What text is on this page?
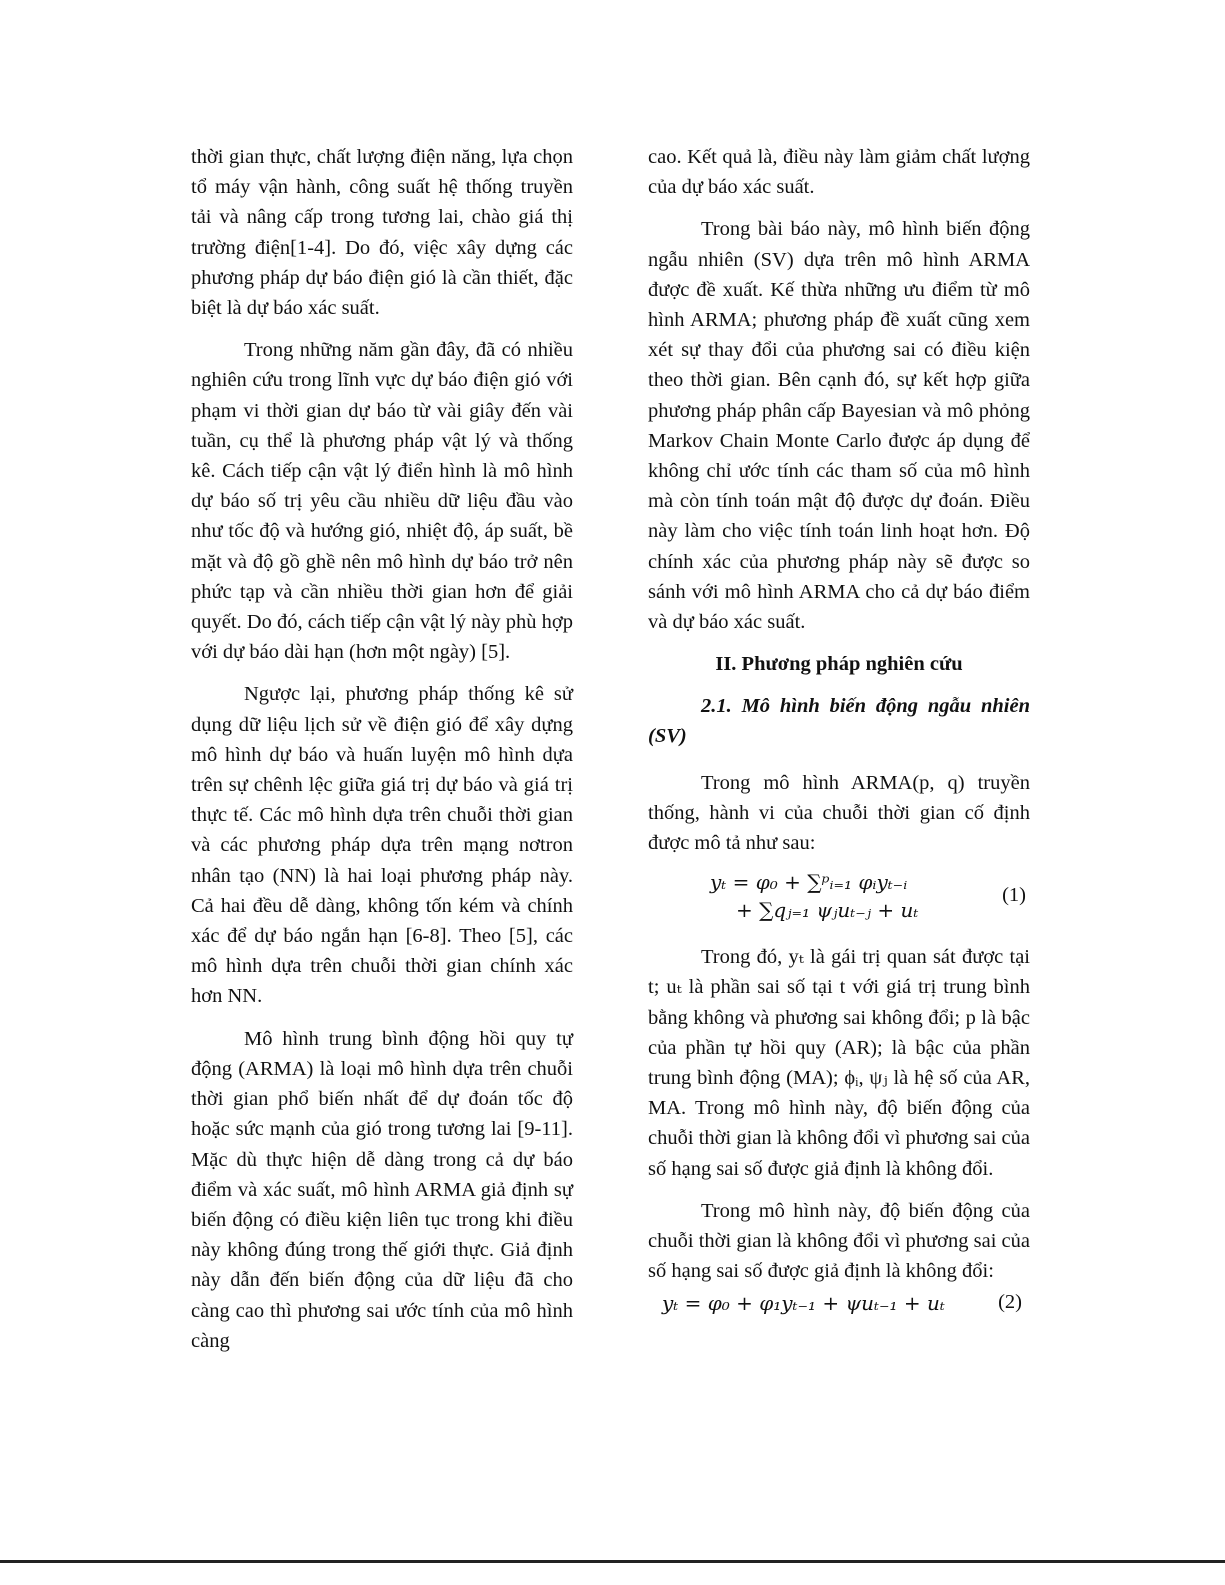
thời gian thực, chất lượng điện năng, lựa chọn tổ máy vận hành, công suất hệ thống truyền tải và nâng cấp trong tương lai, chào giá thị trường điện[1-4]. Do đó, việc xây dựng các phương pháp dự báo điện gió là cần thiết, đặc biệt là dự báo xác suất.

Trong những năm gần đây, đã có nhiều nghiên cứu trong lĩnh vực dự báo điện gió với phạm vi thời gian dự báo từ vài giây đến vài tuần, cụ thể là phương pháp vật lý và thống kê. Cách tiếp cận vật lý điển hình là mô hình dự báo số trị yêu cầu nhiều dữ liệu đầu vào như tốc độ và hướng gió, nhiệt độ, áp suất, bề mặt và độ gồ ghề nên mô hình dự báo trở nên phức tạp và cần nhiều thời gian hơn để giải quyết. Do đó, cách tiếp cận vật lý này phù hợp với dự báo dài hạn (hơn một ngày) [5].

Ngược lại, phương pháp thống kê sử dụng dữ liệu lịch sử về điện gió để xây dựng mô hình dự báo và huấn luyện mô hình dựa trên sự chênh lệc giữa giá trị dự báo và giá trị thực tế. Các mô hình dựa trên chuỗi thời gian và các phương pháp dựa trên mạng nơtron nhân tạo (NN) là hai loại phương pháp này. Cả hai đều dễ dàng, không tốn kém và chính xác để dự báo ngắn hạn [6-8]. Theo [5], các mô hình dựa trên chuỗi thời gian chính xác hơn NN.

Mô hình trung bình động hồi quy tự động (ARMA) là loại mô hình dựa trên chuỗi thời gian phổ biến nhất để dự đoán tốc độ hoặc sức mạnh của gió trong tương lai [9-11]. Mặc dù thực hiện dễ dàng trong cả dự báo điểm và xác suất, mô hình ARMA giả định sự biến động có điều kiện liên tục trong khi điều này không đúng trong thế giới thực. Giả định này dẫn đến biến động của dữ liệu đã cho càng cao thì phương sai ước tính của mô hình càng

cao. Kết quả là, điều này làm giảm chất lượng của dự báo xác suất.

Trong bài báo này, mô hình biến động ngẫu nhiên (SV) dựa trên mô hình ARMA được đề xuất. Kế thừa những ưu điểm từ mô hình ARMA; phương pháp đề xuất cũng xem xét sự thay đổi của phương sai có điều kiện theo thời gian. Bên cạnh đó, sự kết hợp giữa phương pháp phân cấp Bayesian và mô phỏng Markov Chain Monte Carlo được áp dụng để không chỉ ước tính các tham số của mô hình mà còn tính toán mật độ được dự đoán. Điều này làm cho việc tính toán linh hoạt hơn. Độ chính xác của phương pháp này sẽ được so sánh với mô hình ARMA cho cả dự báo điểm và dự báo xác suất.

II. Phương pháp nghiên cứu
2.1. Mô hình biến động ngẫu nhiên (SV)

Trong mô hình ARMA(p, q) truyền thống, hành vi của chuỗi thời gian cố định được mô tả như sau:

yₜ = φ₀ + ∑ᵖᵢ₌₁ φᵢyₜ₋ᵢ
+ ∑qⱼ₌₁ ψⱼuₜ₋ⱼ + uₜ
(1)

Trong đó, yₜ là gái trị quan sát được tại t; uₜ là phần sai số tại t với giá trị trung bình bằng không và phương sai không đổi; p là bậc của phần tự hồi quy (AR); là bậc của phần trung bình động (MA); ϕᵢ, ψⱼ là hệ số của AR, MA. Trong mô hình này, độ biến động của chuỗi thời gian là không đổi vì phương sai của số hạng sai số được giả định là không đổi.

Trong mô hình này, độ biến động của chuỗi thời gian là không đổi vì phương sai của số hạng sai số được giả định là không đổi:

yₜ = φ₀ + φ₁yₜ₋₁ + ψuₜ₋₁ + uₜ	(2)
